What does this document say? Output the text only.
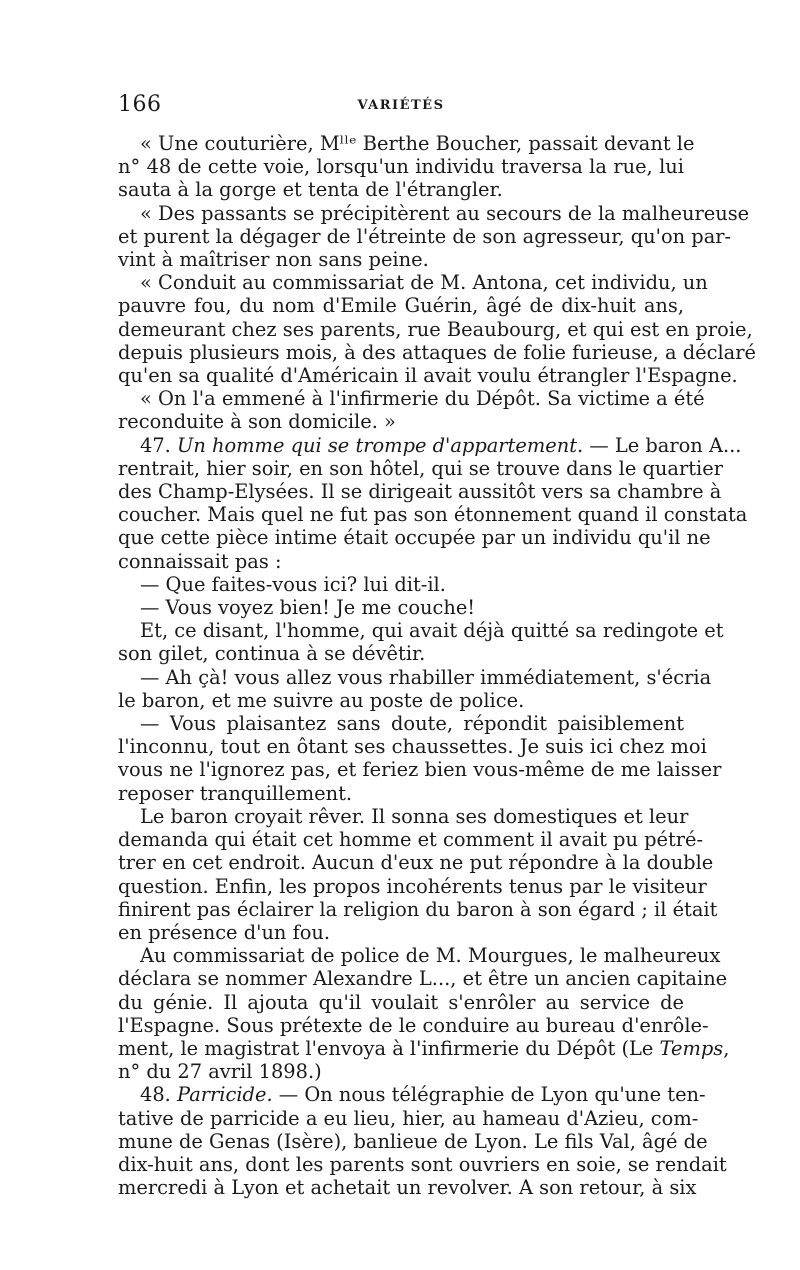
166	VARIÉTÉS
« Une couturière, Mˡˡᵉ Berthe Boucher, passait devant le
n° 48 de cette voie, lorsqu'un individu traversa la rue, lui
sauta à la gorge et tenta de l'étrangler.
« Des passants se précipitèrent au secours de la malheureuse
et purent la dégager de l'étreinte de son agresseur, qu'on par-
vint à maîtriser non sans peine.
« Conduit au commissariat de M. Antona, cet individu, un
pauvre fou, du nom d'Emile Guérin, âgé de dix-huit ans,
demeurant chez ses parents, rue Beaubourg, et qui est en proie,
depuis plusieurs mois, à des attaques de folie furieuse, a déclaré
qu'en sa qualité d'Américain il avait voulu étrangler l'Espagne.
« On l'a emmené à l'infirmerie du Dépôt. Sa victime a été
reconduite à son domicile. »
47. Un homme qui se trompe d'appartement. — Le baron A...
rentrait, hier soir, en son hôtel, qui se trouve dans le quartier
des Champ-Elysées. Il se dirigeait aussitôt vers sa chambre à
coucher. Mais quel ne fut pas son étonnement quand il constata
que cette pièce intime était occupée par un individu qu'il ne
connaissait pas :
— Que faites-vous ici? lui dit-il.
— Vous voyez bien! Je me couche!
Et, ce disant, l'homme, qui avait déjà quitté sa redingote et
son gilet, continua à se dévêtir.
— Ah çà! vous allez vous rhabiller immédiatement, s'écria
le baron, et me suivre au poste de police.
— Vous plaisantez sans doute, répondit paisiblement
l'inconnu, tout en ôtant ses chaussettes. Je suis ici chez moi
vous ne l'ignorez pas, et feriez bien vous-même de me laisser
reposer tranquillement.
Le baron croyait rêver. Il sonna ses domestiques et leur
demanda qui était cet homme et comment il avait pu pétré-
trer en cet endroit. Aucun d'eux ne put répondre à la double
question. Enfin, les propos incohérents tenus par le visiteur
finirent pas éclairer la religion du baron à son égard ; il était
en présence d'un fou.
Au commissariat de police de M. Mourgues, le malheureux
déclara se nommer Alexandre L..., et être un ancien capitaine
du génie. Il ajouta qu'il voulait s'enrôler au service de
l'Espagne. Sous prétexte de le conduire au bureau d'enrôle-
ment, le magistrat l'envoya à l'infirmerie du Dépôt (Le Temps,
n° du 27 avril 1898.)
48. Parricide. — On nous télégraphie de Lyon qu'une ten-
tative de parricide a eu lieu, hier, au hameau d'Azieu, com-
mune de Genas (Isère), banlieue de Lyon. Le fils Val, âgé de
dix-huit ans, dont les parents sont ouvriers en soie, se rendait
mercredi à Lyon et achetait un revolver. A son retour, à six
